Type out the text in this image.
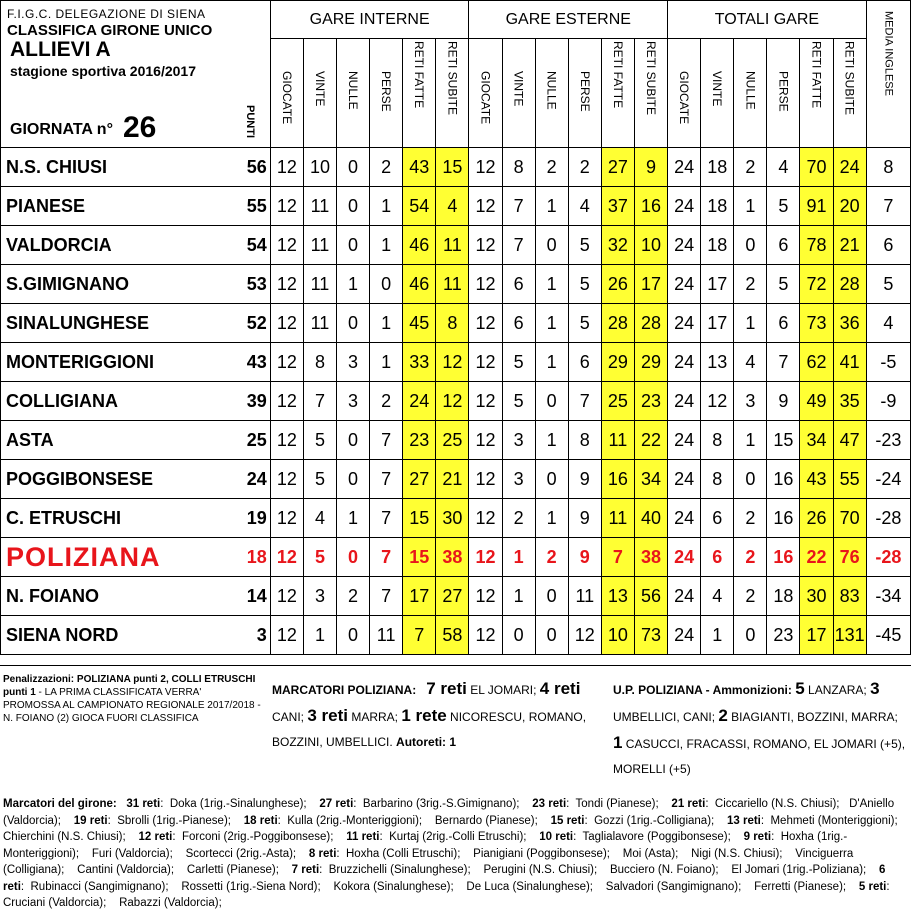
F.I.G.C. DELEGAZIONE DI SIENA
CLASSIFICA GIRONE UNICO
ALLIEVI A
stagione sportiva 2016/2017
GIORNATA n° 26	PUNTI	GARE INTERNE						GARE ESTERNE						TOTALI GARE						MEDIA INGLESE
		GIOCATE	VINTE	NULLE	PERSE	RETI FATTE	RETI SUBITE	GIOCATE	VINTE	NULLE	PERSE	RETI FATTE	RETI SUBITE	GIOCATE	VINTE	NULLE	PERSE	RETI FATTE	RETI SUBITE	
N.S. CHIUSI	56	12	10	0	2	43	15	12	8	2	2	27	9	24	18	2	4	70	24	8
PIANESE	55	12	11	0	1	54	4	12	7	1	4	37	16	24	18	1	5	91	20	7
VALDORCIA	54	12	11	0	1	46	11	12	7	0	5	32	10	24	18	0	6	78	21	6
S.GIMIGNANO	53	12	11	1	0	46	11	12	6	1	5	26	17	24	17	2	5	72	28	5
SINALUNGHESE	52	12	11	0	1	45	8	12	6	1	5	28	28	24	17	1	6	73	36	4
MONTERIGGIONI	43	12	8	3	1	33	12	12	5	1	6	29	29	24	13	4	7	62	41	-5
COLLIGIANA	39	12	7	3	2	24	12	12	5	0	7	25	23	24	12	3	9	49	35	-9
ASTA	25	12	5	0	7	23	25	12	3	1	8	11	22	24	8	1	15	34	47	-23
POGGIBONSESE	24	12	5	0	7	27	21	12	3	0	9	16	34	24	8	0	16	43	55	-24
C. ETRUSCHI	19	12	4	1	7	15	30	12	2	1	9	11	40	24	6	2	16	26	70	-28
POLIZIANA	18	12	5	0	7	15	38	12	1	2	9	7	38	24	6	2	16	22	76	-28
N. FOIANO	14	12	3	2	7	17	27	12	1	0	11	13	56	24	4	2	18	30	83	-34
SIENA NORD	3	12	1	0	11	7	58	12	0	0	12	10	73	24	1	0	23	17	131	-45
Penalizzazioni: POLIZIANA punti 2, COLLI ETRUSCHI punti 1 - LA PRIMA CLASSIFICATA VERRA' PROMOSSA AL CAMPIONATO REGIONALE 2017/2018 - N. FOIANO (2) GIOCA FUORI CLASSIFICA
MARCATORI POLIZIANA: 7 reti EL JOMARI; 4 reti CANI; 3 reti MARRA; 1 rete NICORESCU, ROMANO, BOZZINI, UMBELLICI. Autoreti: 1
U.P. POLIZIANA - Ammonizioni: 5 LANZARA; 3 UMBELLICI, CANI; 2 BIAGIANTI, BOZZINI, MARRA; 1 CASUCCI, FRACASSI, ROMANO, EL JOMARI (+5), MORELLI (+5)
Marcatori del girone: 31 reti:  Doka (1rig.-Sinalunghese);    27 reti:  Barbarino (3rig.-S.Gimignano);    23 reti:  Tondi (Pianese);    21 reti:  Ciccariello (N.S. Chiusi);   D'Aniello (Valdorcia);    19 reti:  Sbrolli (1rig.-Pianese);    18 reti:  Kulla (2rig.-Monteriggioni);    Bernardo (Pianese);    15 reti:  Gozzi (1rig.-Colligiana);    13 reti:  Mehmeti (Monteriggioni);    Chierchini (N.S. Chiusi);    12 reti:  Forconi (2rig.-Poggibonsese);    11 reti:  Kurtaj (2rig.-Colli Etruschi);    10 reti:  Taglialavore (Poggibonsese);    9 reti:  Hoxha (1rig.-Monteriggioni);    Furi (Valdorcia);    Scortecci (2rig.-Asta);    8 reti:  Hoxha (Colli Etruschi);    Pianigiani (Poggibonsese);    Moi (Asta);    Nigi (N.S. Chiusi);    Vinciguerra (Colligiana);    Cantini (Valdorcia);    Carletti (Pianese);    7 reti:  Bruzzichelli (Sinalunghese);    Perugini (N.S. Chiusi);    Bucciero (N. Foiano);    El Jomari (1rig.-Poliziana);    6 reti:  Rubinacci (Sangimignano);    Rossetti (1rig.-Siena Nord);    Kokora (Sinalunghese);    De Luca (Sinalunghese);    Salvadori (Sangimignano);    Ferretti (Pianese);    5 reti:  Cruciani (Valdorcia);    Rabazzi (Valdorcia);
